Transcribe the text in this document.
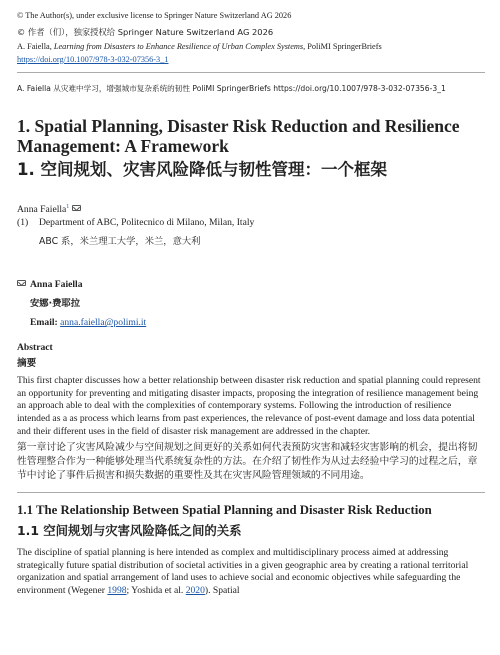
© The Author(s), under exclusive license to Springer Nature Switzerland AG 2026
© 作者（们），独家授权给 Springer Nature Switzerland AG 2026
A. Faiella, Learning from Disasters to Enhance Resilience of Urban Complex Systems, PoliMI SpringerBriefs
https://doi.org/10.1007/978-3-032-07356-3_1
A. Faiella 从灾难中学习，增强城市复杂系统的韧性 PoliMI SpringerBriefs https://doi.org/10.1007/978-3-032-07356-3_1
1. Spatial Planning, Disaster Risk Reduction and Resilience Management: A Framework
1. 空间规划、灾害风险降低与韧性管理：一个框架
Anna Faiella$^1$
(1)	Department of ABC, Politecnico di Milano, Milan, Italy
ABC 系，米兰理工大学，米兰，意大利
Anna Faiella
安娜·费耶拉
Email: anna.faiella@polimi.it
Abstract
摘要
This first chapter discusses how a better relationship between disaster risk reduction and spatial planning could represent an opportunity for preventing and mitigating disaster impacts, proposing the integration of resilience management being an approach able to deal with the complexities of contemporary systems. Following the introduction of resilience intended as a as process which learns from past experiences, the relevance of post-event damage and loss data potential and their different uses in the field of disaster risk management are addressed in the chapter.
第一章讨论了灾害风险减少与空间规划之间更好的关系如何代表预防灾害和减轻灾害影响的机会，提出将韧性管理整合作为一种能够处理当代系统复杂性的方法。在介绍了韧性作为从过去经验中学习的过程之后，章节中讨论了事件后损害和损失数据的重要性及其在灾害风险管理领域的不同用途。
1.1 The Relationship Between Spatial Planning and Disaster Risk Reduction
1.1 空间规划与灾害风险降低之间的关系
The discipline of spatial planning is here intended as complex and multidisciplinary process aimed at addressing strategically future spatial distribution of societal activities in a given geographic area by creating a rational territorial organization and spatial arrangement of land uses to achieve social and economic objectives while safeguarding the environment (Wegener 1998; Yoshida et al. 2020). Spatial
